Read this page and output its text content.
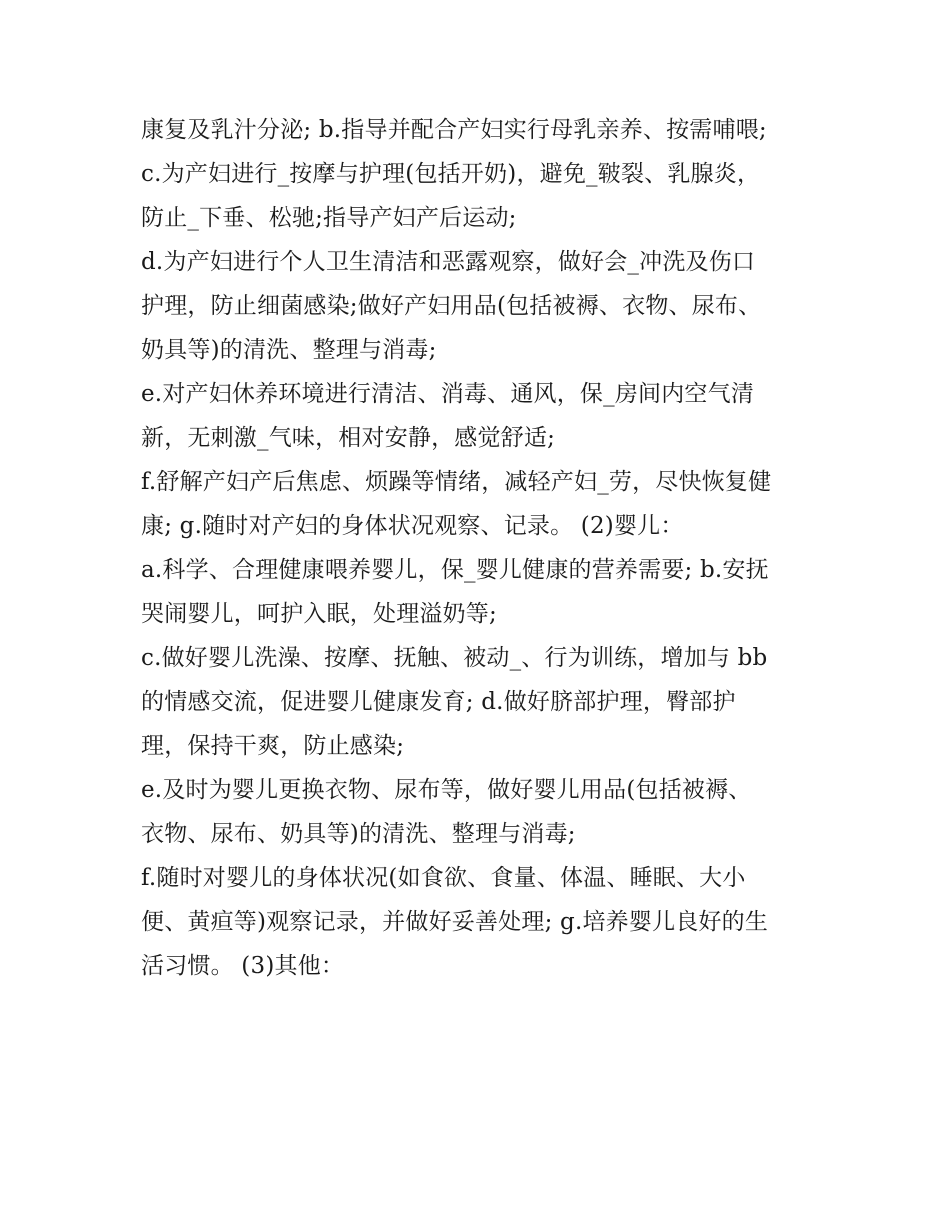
康复及乳汁分泌; b.指导并配合产妇实行母乳亲养、按需哺喂;
c.为产妇进行_按摩与护理(包括开奶)，避免_皲裂、乳腺炎，
防止_下垂、松驰;指导产妇产后运动;
d.为产妇进行个人卫生清洁和恶露观察，做好会_冲洗及伤口
护理，防止细菌感染;做好产妇用品(包括被褥、衣物、尿布、
奶具等)的清洗、整理与消毒;
e.对产妇休养环境进行清洁、消毒、通风，保_房间内空气清
新，无刺激_气味，相对安静，感觉舒适;
f.舒解产妇产后焦虑、烦躁等情绪，减轻产妇_劳，尽快恢复健
康; g.随时对产妇的身体状况观察、记录。 (2)婴儿：
a.科学、合理健康喂养婴儿，保_婴儿健康的营养需要; b.安抚
哭闹婴儿，呵护入眠，处理溢奶等;
c.做好婴儿洗澡、按摩、抚触、被动_、行为训练，增加与 bb
的情感交流，促进婴儿健康发育; d.做好脐部护理，臀部护
理，保持干爽，防止感染;
e.及时为婴儿更换衣物、尿布等，做好婴儿用品(包括被褥、
衣物、尿布、奶具等)的清洗、整理与消毒;
f.随时对婴儿的身体状况(如食欲、食量、体温、睡眠、大小
便、黄疸等)观察记录，并做好妥善处理; g.培养婴儿良好的生
活习惯。 (3)其他：
